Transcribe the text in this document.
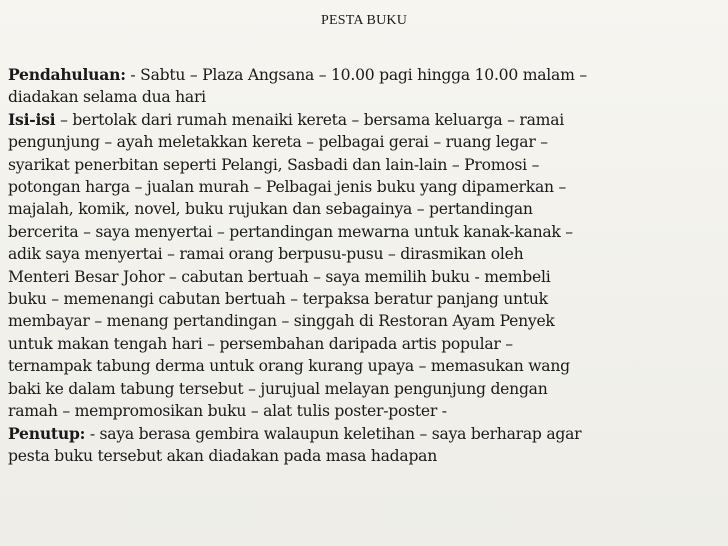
PESTA BUKU
Pendahuluan: - Sabtu – Plaza Angsana – 10.00 pagi hingga 10.00 malam –
diadakan selama dua hari
Isi-isi – bertolak dari rumah menaiki kereta – bersama keluarga – ramai
pengunjung – ayah meletakkan kereta – pelbagai gerai – ruang legar –
syarikat penerbitan seperti Pelangi, Sasbadi dan lain-lain – Promosi –
potongan harga – jualan murah – Pelbagai jenis buku yang dipamerkan –
majalah, komik, novel, buku rujukan dan sebagainya – pertandingan
bercerita – saya menyertai – pertandingan mewarna untuk kanak-kanak –
adik saya menyertai – ramai orang berpusu-pusu – dirasmikan oleh
Menteri Besar Johor – cabutan bertuah – saya memilih buku - membeli
buku – memenangi cabutan bertuah – terpaksa beratur panjang untuk
membayar – menang pertandingan – singgah di Restoran Ayam Penyek
untuk makan tengah hari – persembahan daripada artis popular –
ternampak tabung derma untuk orang kurang upaya – memasukan wang
baki ke dalam tabung tersebut – jurujual melayan pengunjung dengan
ramah – mempromosikan buku – alat tulis poster-poster -
Penutup: - saya berasa gembira walaupun keletihan – saya berharap agar
pesta buku tersebut akan diadakan pada masa hadapan
